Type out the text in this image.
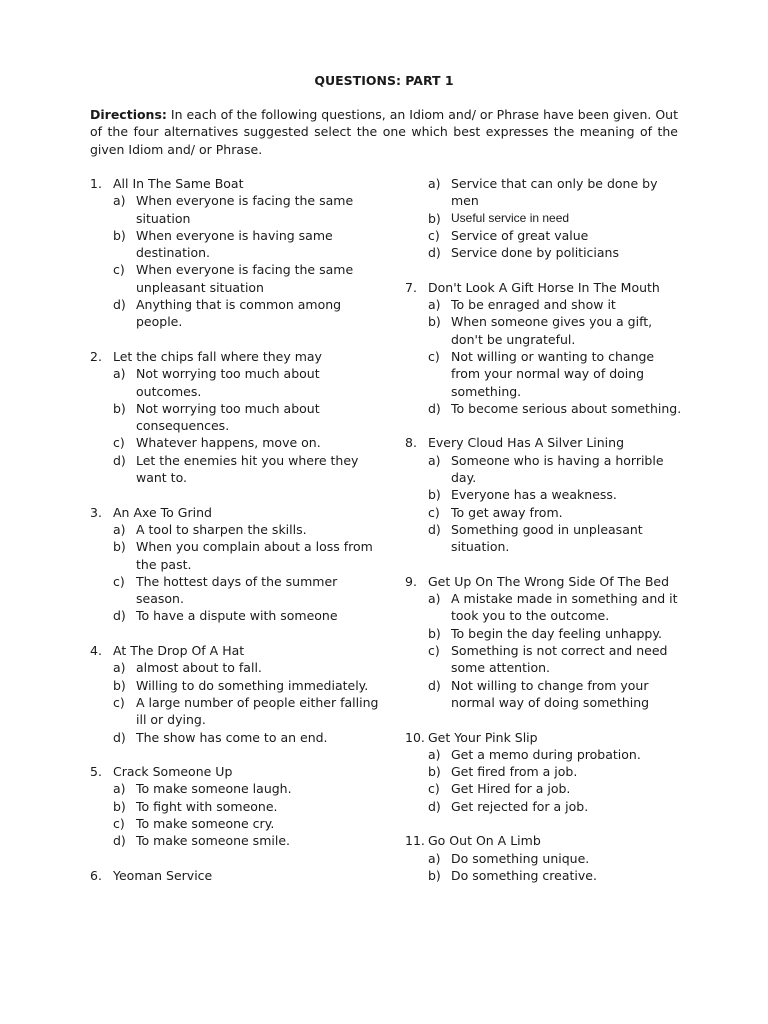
QUESTIONS: PART 1

Directions: In each of the following questions, an Idiom and/ or Phrase have been given. Out of the four alternatives suggested select the one which best expresses the meaning of the given Idiom and/ or Phrase.

1. All In The Same Boat
a) When everyone is facing the same situation
b) When everyone is having same destination.
c) When everyone is facing the same unpleasant situation
d) Anything that is common among people.
2. Let the chips fall where they may
a) Not worrying too much about outcomes.
b) Not worrying too much about consequences.
c) Whatever happens, move on.
d) Let the enemies hit you where they want to.
3. An Axe To Grind
a) A tool to sharpen the skills.
b) When you complain about a loss from the past.
c) The hottest days of the summer season.
d) To have a dispute with someone
4. At The Drop Of A Hat
a) almost about to fall.
b) Willing to do something immediately.
c) A large number of people either falling ill or dying.
d) The show has come to an end.
5. Crack Someone Up
a) To make someone laugh.
b) To fight with someone.
c) To make someone cry.
d) To make someone smile.
6. Yeoman Service
a) Service that can only be done by men
b) Useful service in need
c) Service of great value
d) Service done by politicians
7. Don't Look A Gift Horse In The Mouth
a) To be enraged and show it
b) When someone gives you a gift, don't be ungrateful.
c) Not willing or wanting to change from your normal way of doing something.
d) To become serious about something.
8. Every Cloud Has A Silver Lining
a) Someone who is having a horrible day.
b) Everyone has a weakness.
c) To get away from.
d) Something good in unpleasant situation.
9. Get Up On The Wrong Side Of The Bed
a) A mistake made in something and it took you to the outcome.
b) To begin the day feeling unhappy.
c) Something is not correct and need some attention.
d) Not willing to change from your normal way of doing something
10. Get Your Pink Slip
a) Get a memo during probation.
b) Get fired from a job.
c) Get Hired for a job.
d) Get rejected for a job.
11. Go Out On A Limb
a) Do something unique.
b) Do something creative.
